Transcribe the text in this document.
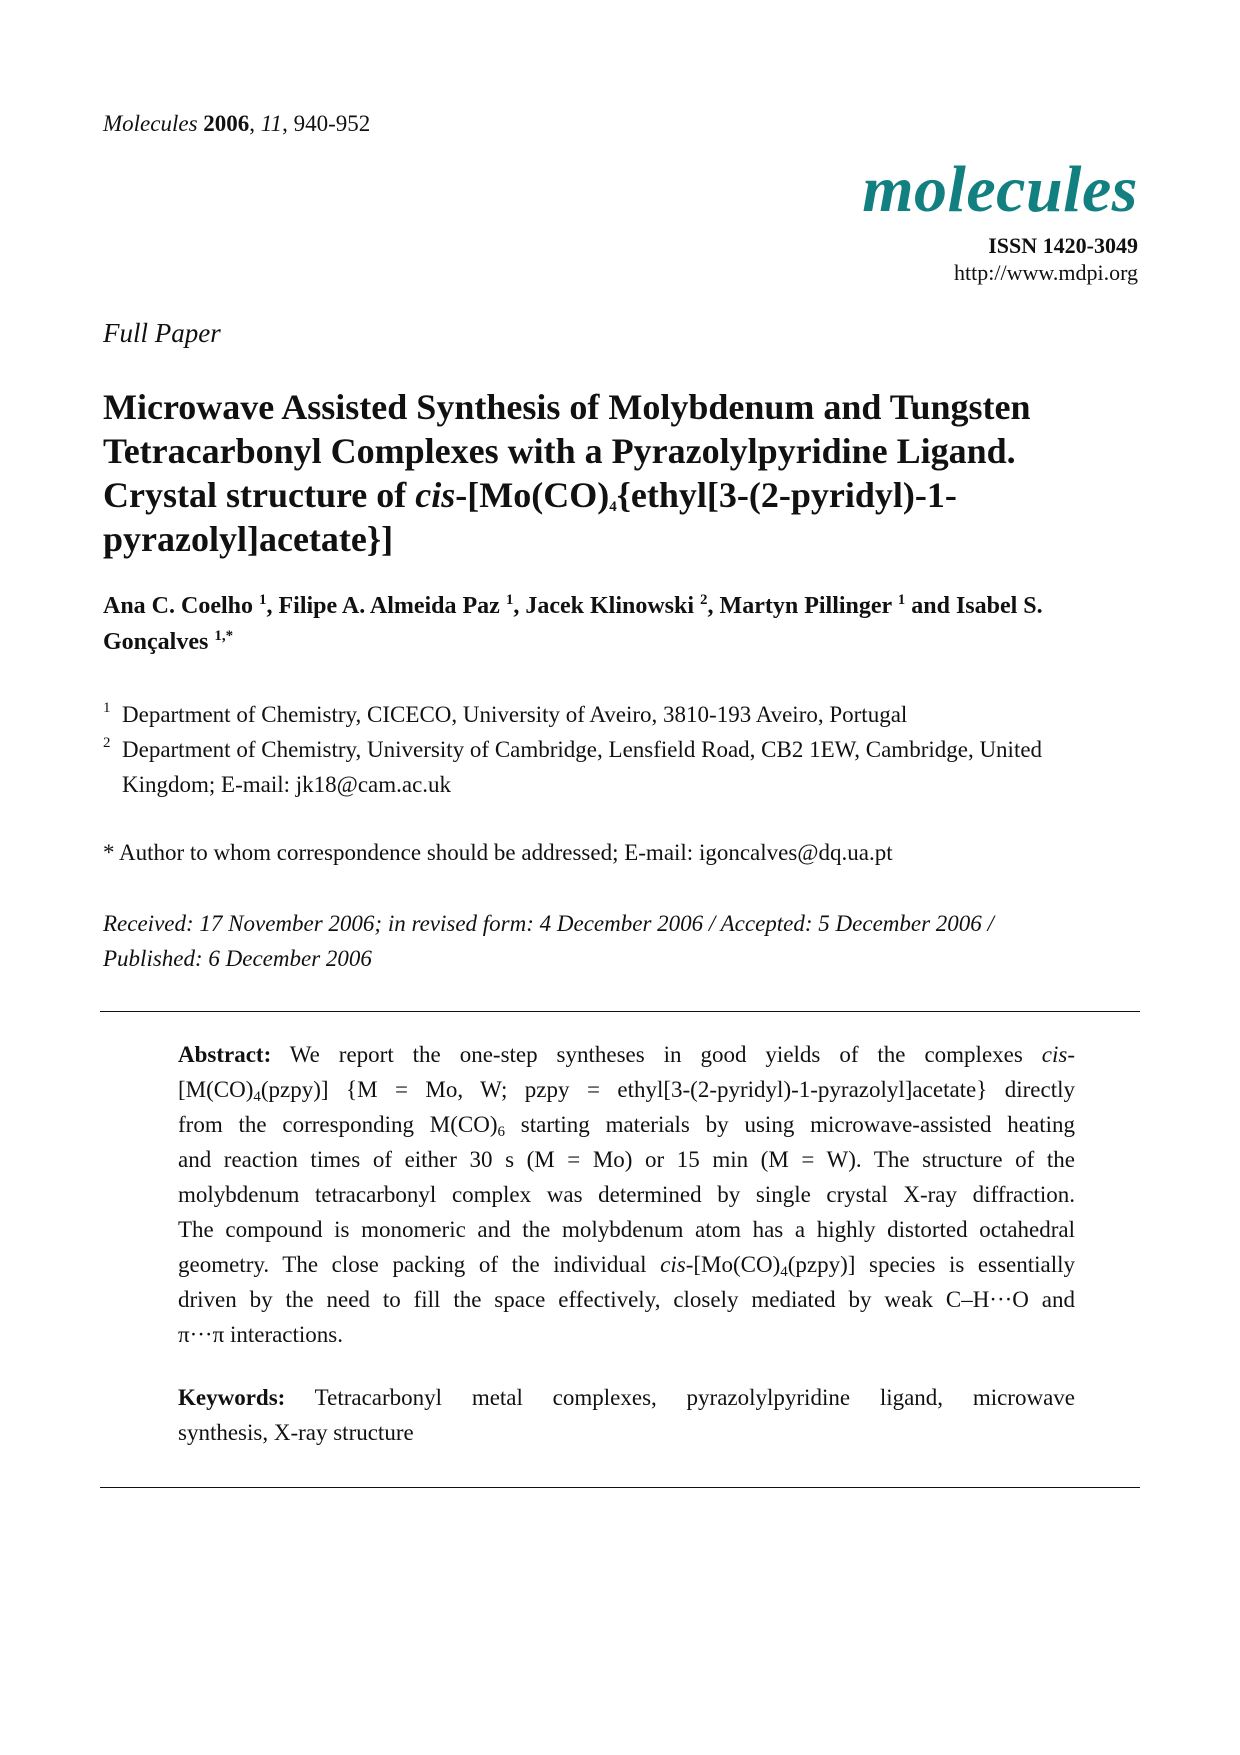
Molecules 2006, 11, 940-952
molecules
ISSN 1420-3049
http://www.mdpi.org
Full Paper
Microwave Assisted Synthesis of Molybdenum and Tungsten
Tetracarbonyl Complexes with a Pyrazolylpyridine Ligand.
Crystal structure of cis-[$Mo(CO)_4\{ethyl[3-(2-pyridyl)-1-$
pyrazolyl]acetate}]
Ana C. Coelho $^1$, Filipe A. Almeida Paz $^1$, Jacek Klinowski $^2$, Martyn Pillinger $^1$ and Isabel S.
Gonçalves $^{1,*}$
1 Department of Chemistry, CICECO, University of Aveiro, 3810-193 Aveiro, Portugal
2 Department of Chemistry, University of Cambridge, Lensfield Road, CB2 1EW, Cambridge, United
Kingdom; E-mail: jk18@cam.ac.uk
* Author to whom correspondence should be addressed; E-mail: igoncalves@dq.ua.pt
Received: 17 November 2006; in revised form: 4 December 2006 / Accepted: 5 December 2006 /
Published: 6 December 2006
Abstract: We report the one-step syntheses in good yields of the complexes cis-
$[M(CO)_4(pzpy)] \{M = Mo$, W; pzpy = ethyl[3-(2-pyridyl)-1-pyrazolyl]acetate} directly
from the corresponding $M(CO)_6$ starting materials by using microwave-assisted heating
and reaction times of either 30 s (M = Mo) or 15 min (M = W). The structure of the
molybdenum tetracarbonyl complex was determined by single crystal X-ray diffraction.
The compound is monomeric and the molybdenum atom has a highly distorted octahedral
geometry. The close packing of the individual cis-$[Mo(CO)_4(pzpy)]$ species is essentially
driven by the need to fill the space effectively, closely mediated by weak C–H···O and
π···π interactions.
Keywords: Tetracarbonyl metal complexes, pyrazolylpyridine ligand, microwave
synthesis, X-ray structure
